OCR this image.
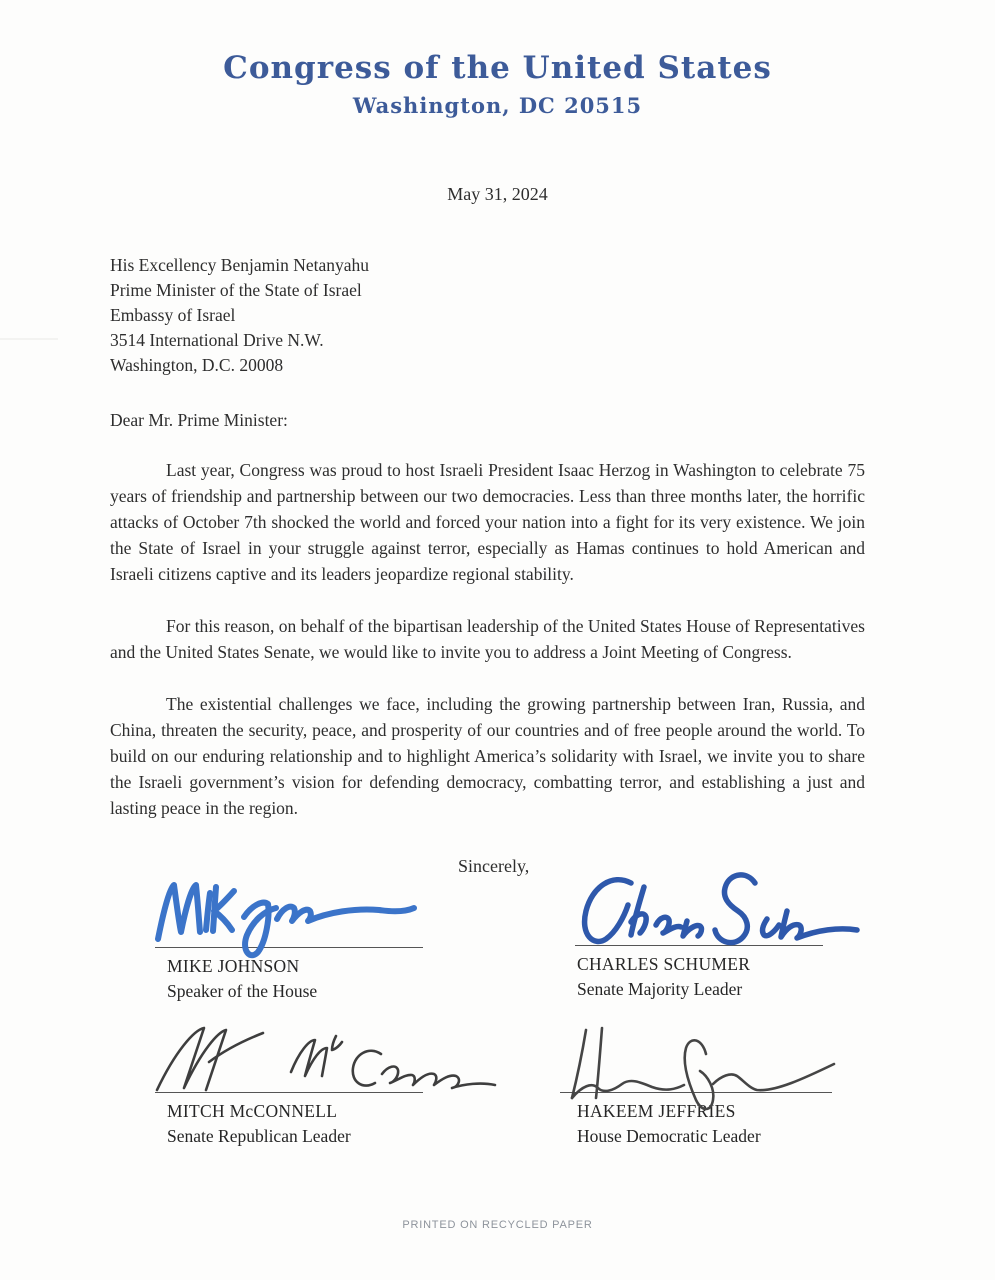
Congress of the United States
Washington, DC 20515
May 31, 2024
His Excellency Benjamin Netanyahu
Prime Minister of the State of Israel
Embassy of Israel
3514 International Drive N.W.
Washington, D.C. 20008
Dear Mr. Prime Minister:
Last year, Congress was proud to host Israeli President Isaac Herzog in Washington to celebrate 75 years of friendship and partnership between our two democracies. Less than three months later, the horrific attacks of October 7th shocked the world and forced your nation into a fight for its very existence. We join the State of Israel in your struggle against terror, especially as Hamas continues to hold American and Israeli citizens captive and its leaders jeopardize regional stability.
For this reason, on behalf of the bipartisan leadership of the United States House of Representatives and the United States Senate, we would like to invite you to address a Joint Meeting of Congress.
The existential challenges we face, including the growing partnership between Iran, Russia, and China, threaten the security, peace, and prosperity of our countries and of free people around the world. To build on our enduring relationship and to highlight America’s solidarity with Israel, we invite you to share the Israeli government’s vision for defending democracy, combatting terror, and establishing a just and lasting peace in the region.
Sincerely,
MIKE JOHNSON
Speaker of the House
CHARLES SCHUMER
Senate Majority Leader
MITCH McCONNELL
Senate Republican Leader
HAKEEM JEFFRIES
House Democratic Leader
PRINTED ON RECYCLED PAPER
